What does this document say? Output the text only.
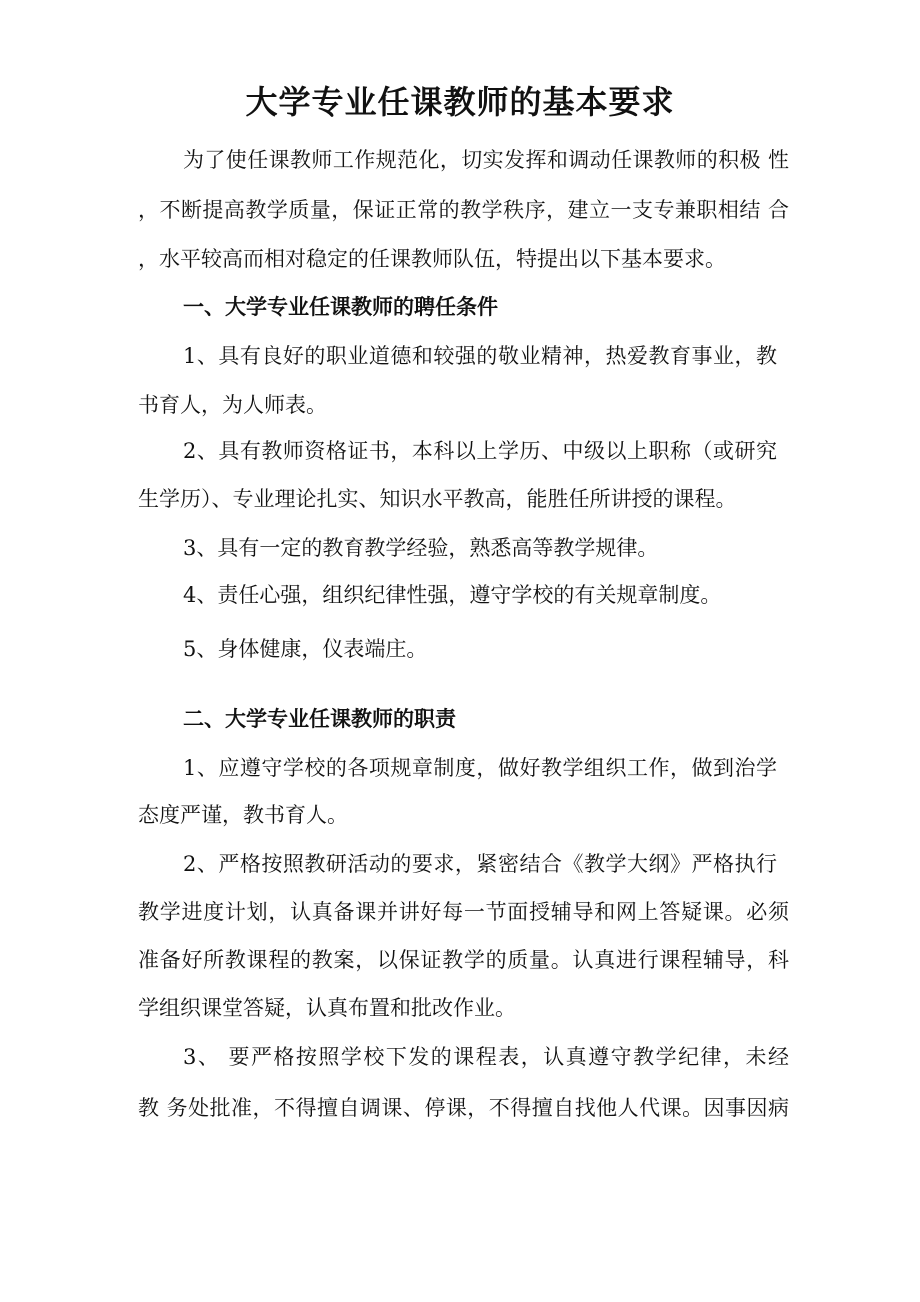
大学专业任课教师的基本要求
为了使任课教师工作规范化，切实发挥和调动任课教师的积极 性
，不断提高教学质量，保证正常的教学秩序，建立一支专兼职相结 合
，水平较高而相对稳定的任课教师队伍，特提出以下基本要求。
一、大学专业任课教师的聘任条件
1、具有良好的职业道德和较强的敬业精神，热爱教育事业，教
书育人，为人师表。
2、具有教师资格证书，本科以上学历、中级以上职称（或研究
生学历）、专业理论扎实、知识水平教高，能胜任所讲授的课程。
3、具有一定的教育教学经验，熟悉高等教学规律。
4、责任心强，组织纪律性强，遵守学校的有关规章制度。
5、身体健康，仪表端庄。
二、大学专业任课教师的职责
1、应遵守学校的各项规章制度，做好教学组织工作，做到治学
态度严谨，教书育人。
2、严格按照教研活动的要求，紧密结合《教学大纲》严格执行
教学进度计划，认真备课并讲好每一节面授辅导和网上答疑课。必须
准备好所教课程的教案，以保证教学的质量。认真进行课程辅导，科
学组织课堂答疑，认真布置和批改作业。
3、 要严格按照学校下发的课程表，认真遵守教学纪律，未经
教 务处批准，不得擅自调课、停课，不得擅自找他人代课。因事因病
